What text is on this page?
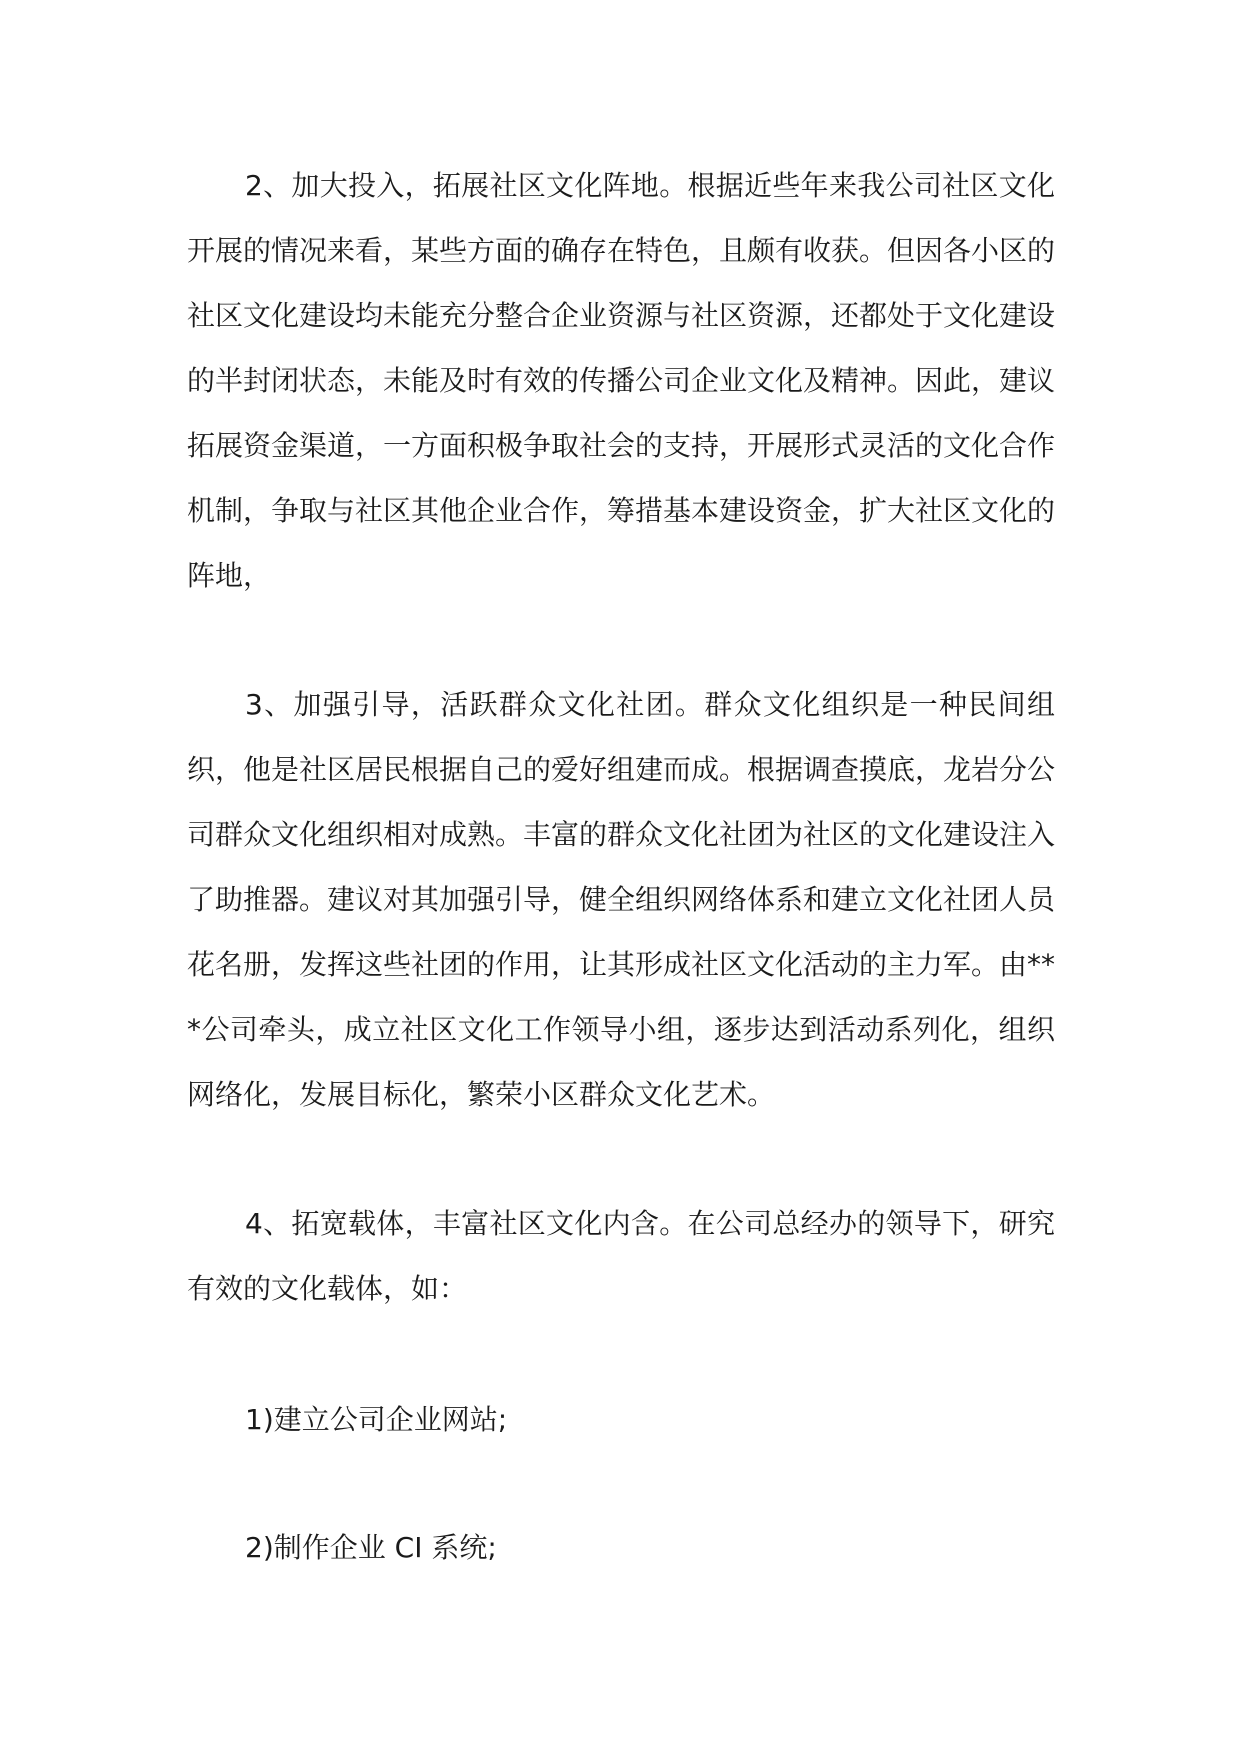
2、加大投入，拓展社区文化阵地。根据近些年来我公司社区文化开展的情况来看，某些方面的确存在特色，且颇有收获。但因各小区的社区文化建设均未能充分整合企业资源与社区资源，还都处于文化建设的半封闭状态，未能及时有效的传播公司企业文化及精神。因此，建议拓展资金渠道，一方面积极争取社会的支持，开展形式灵活的文化合作机制，争取与社区其他企业合作，筹措基本建设资金，扩大社区文化的阵地，

3、加强引导，活跃群众文化社团。群众文化组织是一种民间组织，他是社区居民根据自己的爱好组建而成。根据调查摸底，龙岩分公司群众文化组织相对成熟。丰富的群众文化社团为社区的文化建设注入了助推器。建议对其加强引导，健全组织网络体系和建立文化社团人员花名册，发挥这些社团的作用，让其形成社区文化活动的主力军。由***公司牵头，成立社区文化工作领导小组，逐步达到活动系列化，组织网络化，发展目标化，繁荣小区群众文化艺术。

4、拓宽载体，丰富社区文化内含。在公司总经办的领导下，研究有效的文化载体，如：

1)建立公司企业网站;

2)制作企业 CI 系统;
